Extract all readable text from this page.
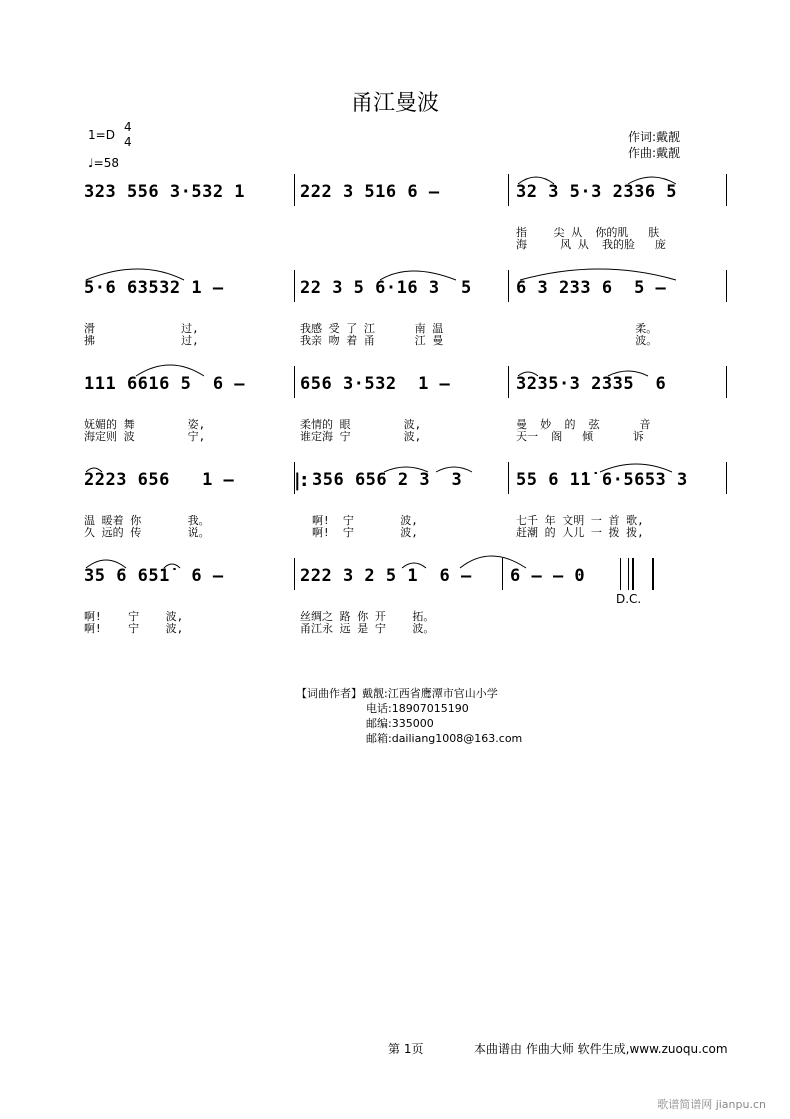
甬江曼波
1=D
4
4
♩=58
作词:戴靓
作曲:戴靓
323 556 3·532 1	222 3 516 6 –	32 3 5·3 2336 5
指    尖 从  你的肌   肤
海     风 从  我的脸   庞
5·6 63532 1 –	22 3 5 6·16 3  5	6 3 233 6  5 –
滑             过,
拂             过,
我感 受 了 江      南 温
我亲 吻 着 甬      江 曼
柔。
波。
111 6616 5  6 –	656 3·532  1 –	3235·3 2335  6
妩媚的 舞        姿,
海定则 波        宁,
柔情的 眼        波,
谁定海 宁        波,
曼  妙  的  弦      音
天一  阁   倾      诉
|:
2223 656   1 –	356 656 2 3  3	55 6 1̇1̇ 6·5653 3
温 暖着 你       我。
久 远的 传       说。
啊!  宁       波,
啊!  宁       波,
七千 年 文明 一 首 歌,
赶潮 的 人儿 一 拨 拨,
35 6 651̇  6 –	222 3 2 5 1  6 – 6 – – 0
啊!    宁    波,
啊!    宁    波,
丝绸之 路 你 开    拓。
甬江永 远 是 宁    波。
D.C.
【词曲作者】戴靓:江西省鹰潭市官山小学
电话:18907015190
邮编:335000
邮箱:dailiang1008@163.com
第 1页	本曲谱由 作曲大师 软件生成,www.zuoqu.com
歌谱简谱网 jianpu.cn
